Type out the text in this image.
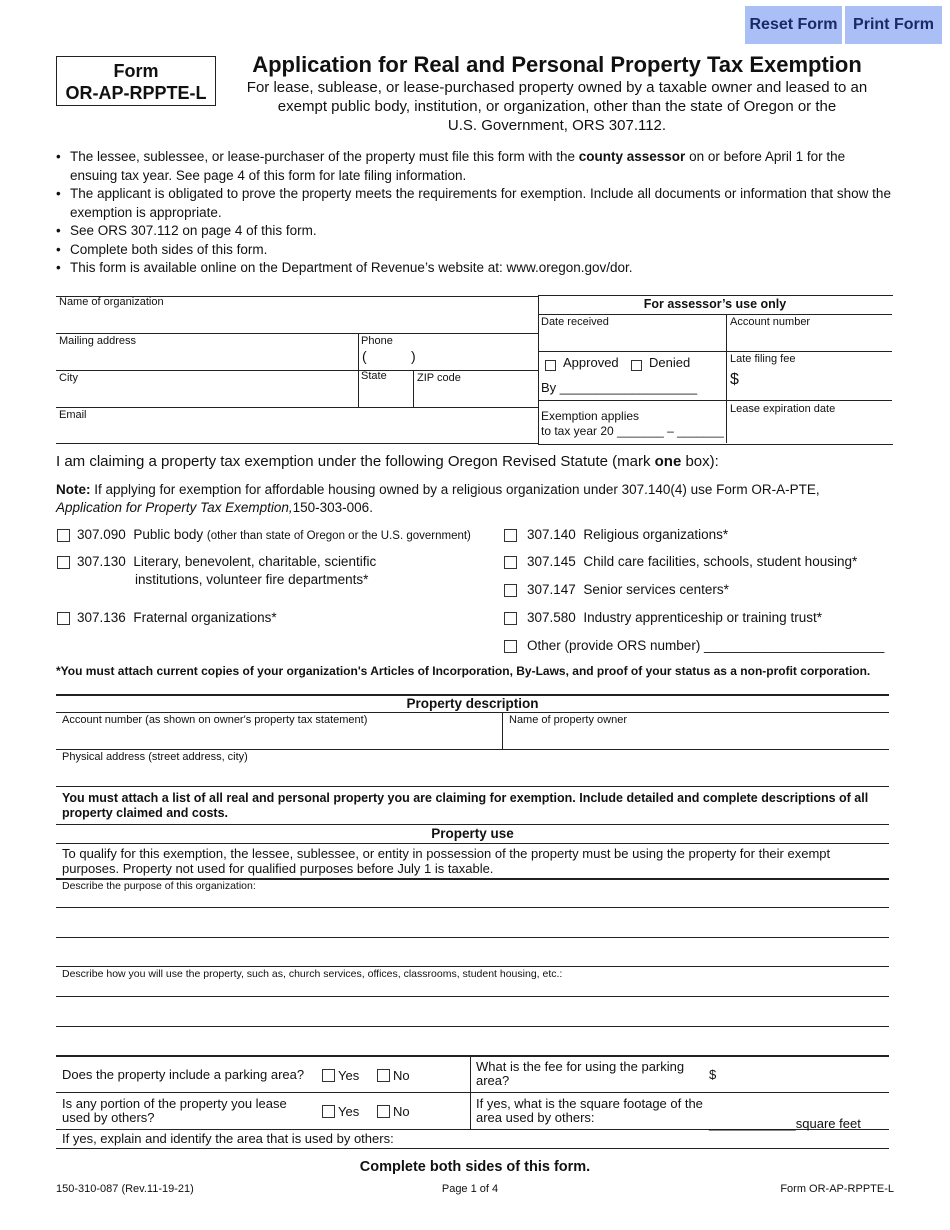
Reset Form Print Form
Form
OR-AP-RPPTE-L
Application for Real and Personal Property Tax Exemption
For lease, sublease, or lease-purchased property owned by a taxable owner and leased to an
exempt public body, institution, or organization, other than the state of Oregon or the
U.S. Government, ORS 307.112.
• The lessee, sublessee, or lease-purchaser of the property must file this form with the county assessor on or before April 1 for the ensuing tax year. See page 4 of this form for late filing information.
• The applicant is obligated to prove the property meets the requirements for exemption. Include all documents or information that show the exemption is appropriate.
• See ORS 307.112 on page 4 of this form.
• Complete both sides of this form.
• This form is available online on the Department of Revenue’s website at: www.oregon.gov/dor.
Name of organization
Mailing address	Phone
(	)
City	State	ZIP code
Email
For assessor’s use only
Date received	Account number
Approved Denied
By ___________________
Late filing fee
$
Exemption applies
to tax year 20 _______ – _______
Lease expiration date
I am claiming a property tax exemption under the following Oregon Revised Statute (mark one box):
Note: If applying for exemption for affordable housing owned by a religious organization under 307.140(4) use Form OR-A-PTE,
Application for Property Tax Exemption,150-303-006.
307.090 Public body (other than state of Oregon or the U.S. government)
307.130 Literary, benevolent, charitable, scientific
institutions, volunteer fire departments*
307.136 Fraternal organizations*
307.140 Religious organizations*
307.145 Child care facilities, schools, student housing*
307.147 Senior services centers*
307.580 Industry apprenticeship or training trust*
Other (provide ORS number) ________________________
*You must attach current copies of your organization's Articles of Incorporation, By-Laws, and proof of your status as a non-profit corporation.
Property description
Account number (as shown on owner's property tax statement)	Name of property owner
Physical address (street address, city)
You must attach a list of all real and personal property you are claiming for exemption. Include detailed and complete descriptions of all property claimed and costs.
Property use
To qualify for this exemption, the lessee, sublessee, or entity in possession of the property must be using the property for their exempt purposes. Property not used for qualified purposes before July 1 is taxable.
Describe the purpose of this organization:
Describe how you will use the property, such as, church services, offices, classrooms, student housing, etc.:
Does the property include a parking area?	Yes	No
What is the fee for using the parking
area?	$
Is any portion of the property you lease
used by others?	Yes	No
If yes, what is the square footage of the
area used by others:	____________square feet
If yes, explain and identify the area that is used by others:
Complete both sides of this form.
150-310-087 (Rev.11-19-21)	Page 1 of 4	Form OR-AP-RPPTE-L
